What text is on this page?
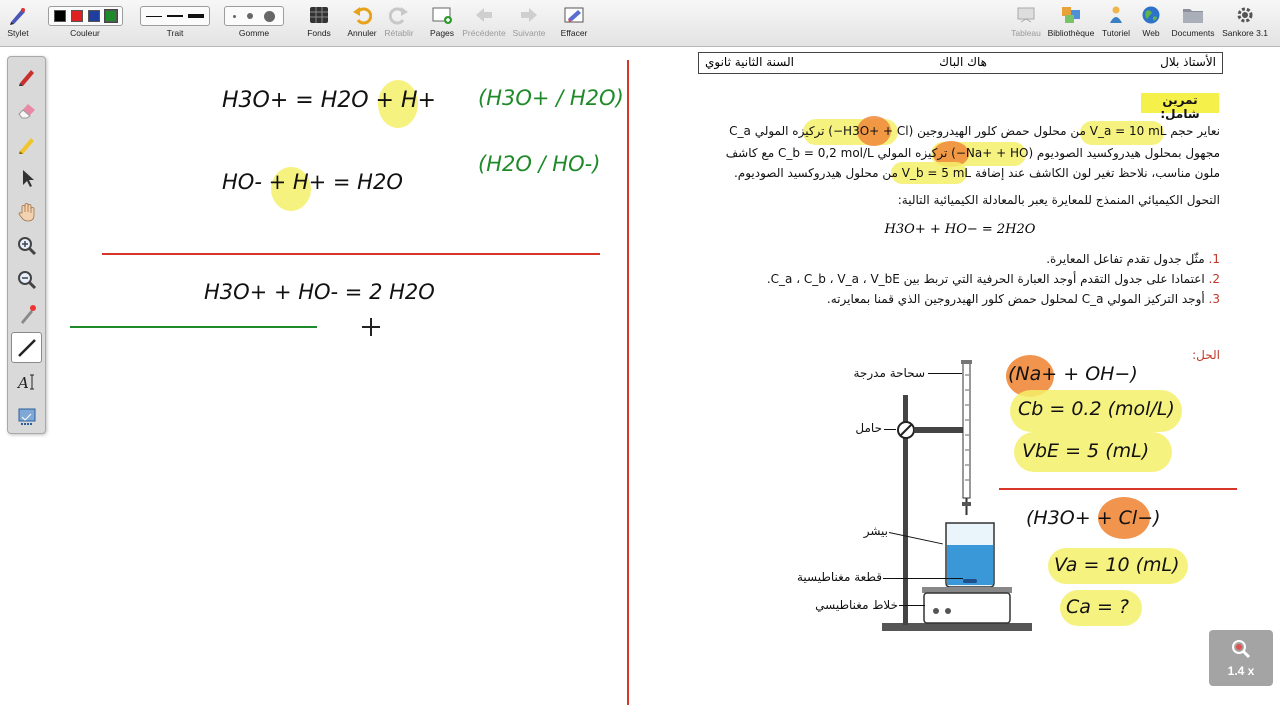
Stylet	Couleur	Trait	Gomme	Fonds Annuler Rétablir Pages Précédente Suivante Effacer	Tableau Bibliothèque Tutoriel Web Documents Sankore 3.1
A
H3O+ = H2O + H+ (H3O+ / H2O)
HO- + H+ = H2O
(H2O / HO-)
H3O+ + HO- = 2 H2O
الأستاذ بلال
هاك الباك
السنة الثانية ثانوي
تمرين شامل:
نعاير حجم V_a = 10 mL من محلول حمض كلور الهيدروجين (H3O+ + Cl−) تركيزه المولي C_a
مجهول بمحلول هيدروكسيد الصوديوم (Na+ + HO−) تركيزه المولي C_b = 0,2 mol/L مع كاشف
ملون مناسب، نلاحظ تغير لون الكاشف عند إضافة V_b = 5 mL من محلول هيدروكسيد الصوديوم.
التحول الكيميائي المنمذج للمعايرة يعبر بالمعادلة الكيميائية التالية:
H3O+ + HO− = 2H2O
1. مثّل جدول تقدم تفاعل المعايرة.
2. اعتمادا على جدول التقدم أوجد العبارة الحرفية التي تربط بين C_a ، C_b ، V_a ، V_bE.
3. أوجد التركيز المولي C_a لمحلول حمض كلور الهيدروجين الذي قمنا بمعايرته.
الحل:
سحاحة مدرجة
حامل
بيشر
قطعة مغناطيسية
خلاط مغناطيسي
(Na+ + OH−)
Cb = 0.2 (mol/L)
VbE = 5 (mL)
(H3O+ + Cl−)
Va = 10 (mL)
Ca = ?
1.4 x
